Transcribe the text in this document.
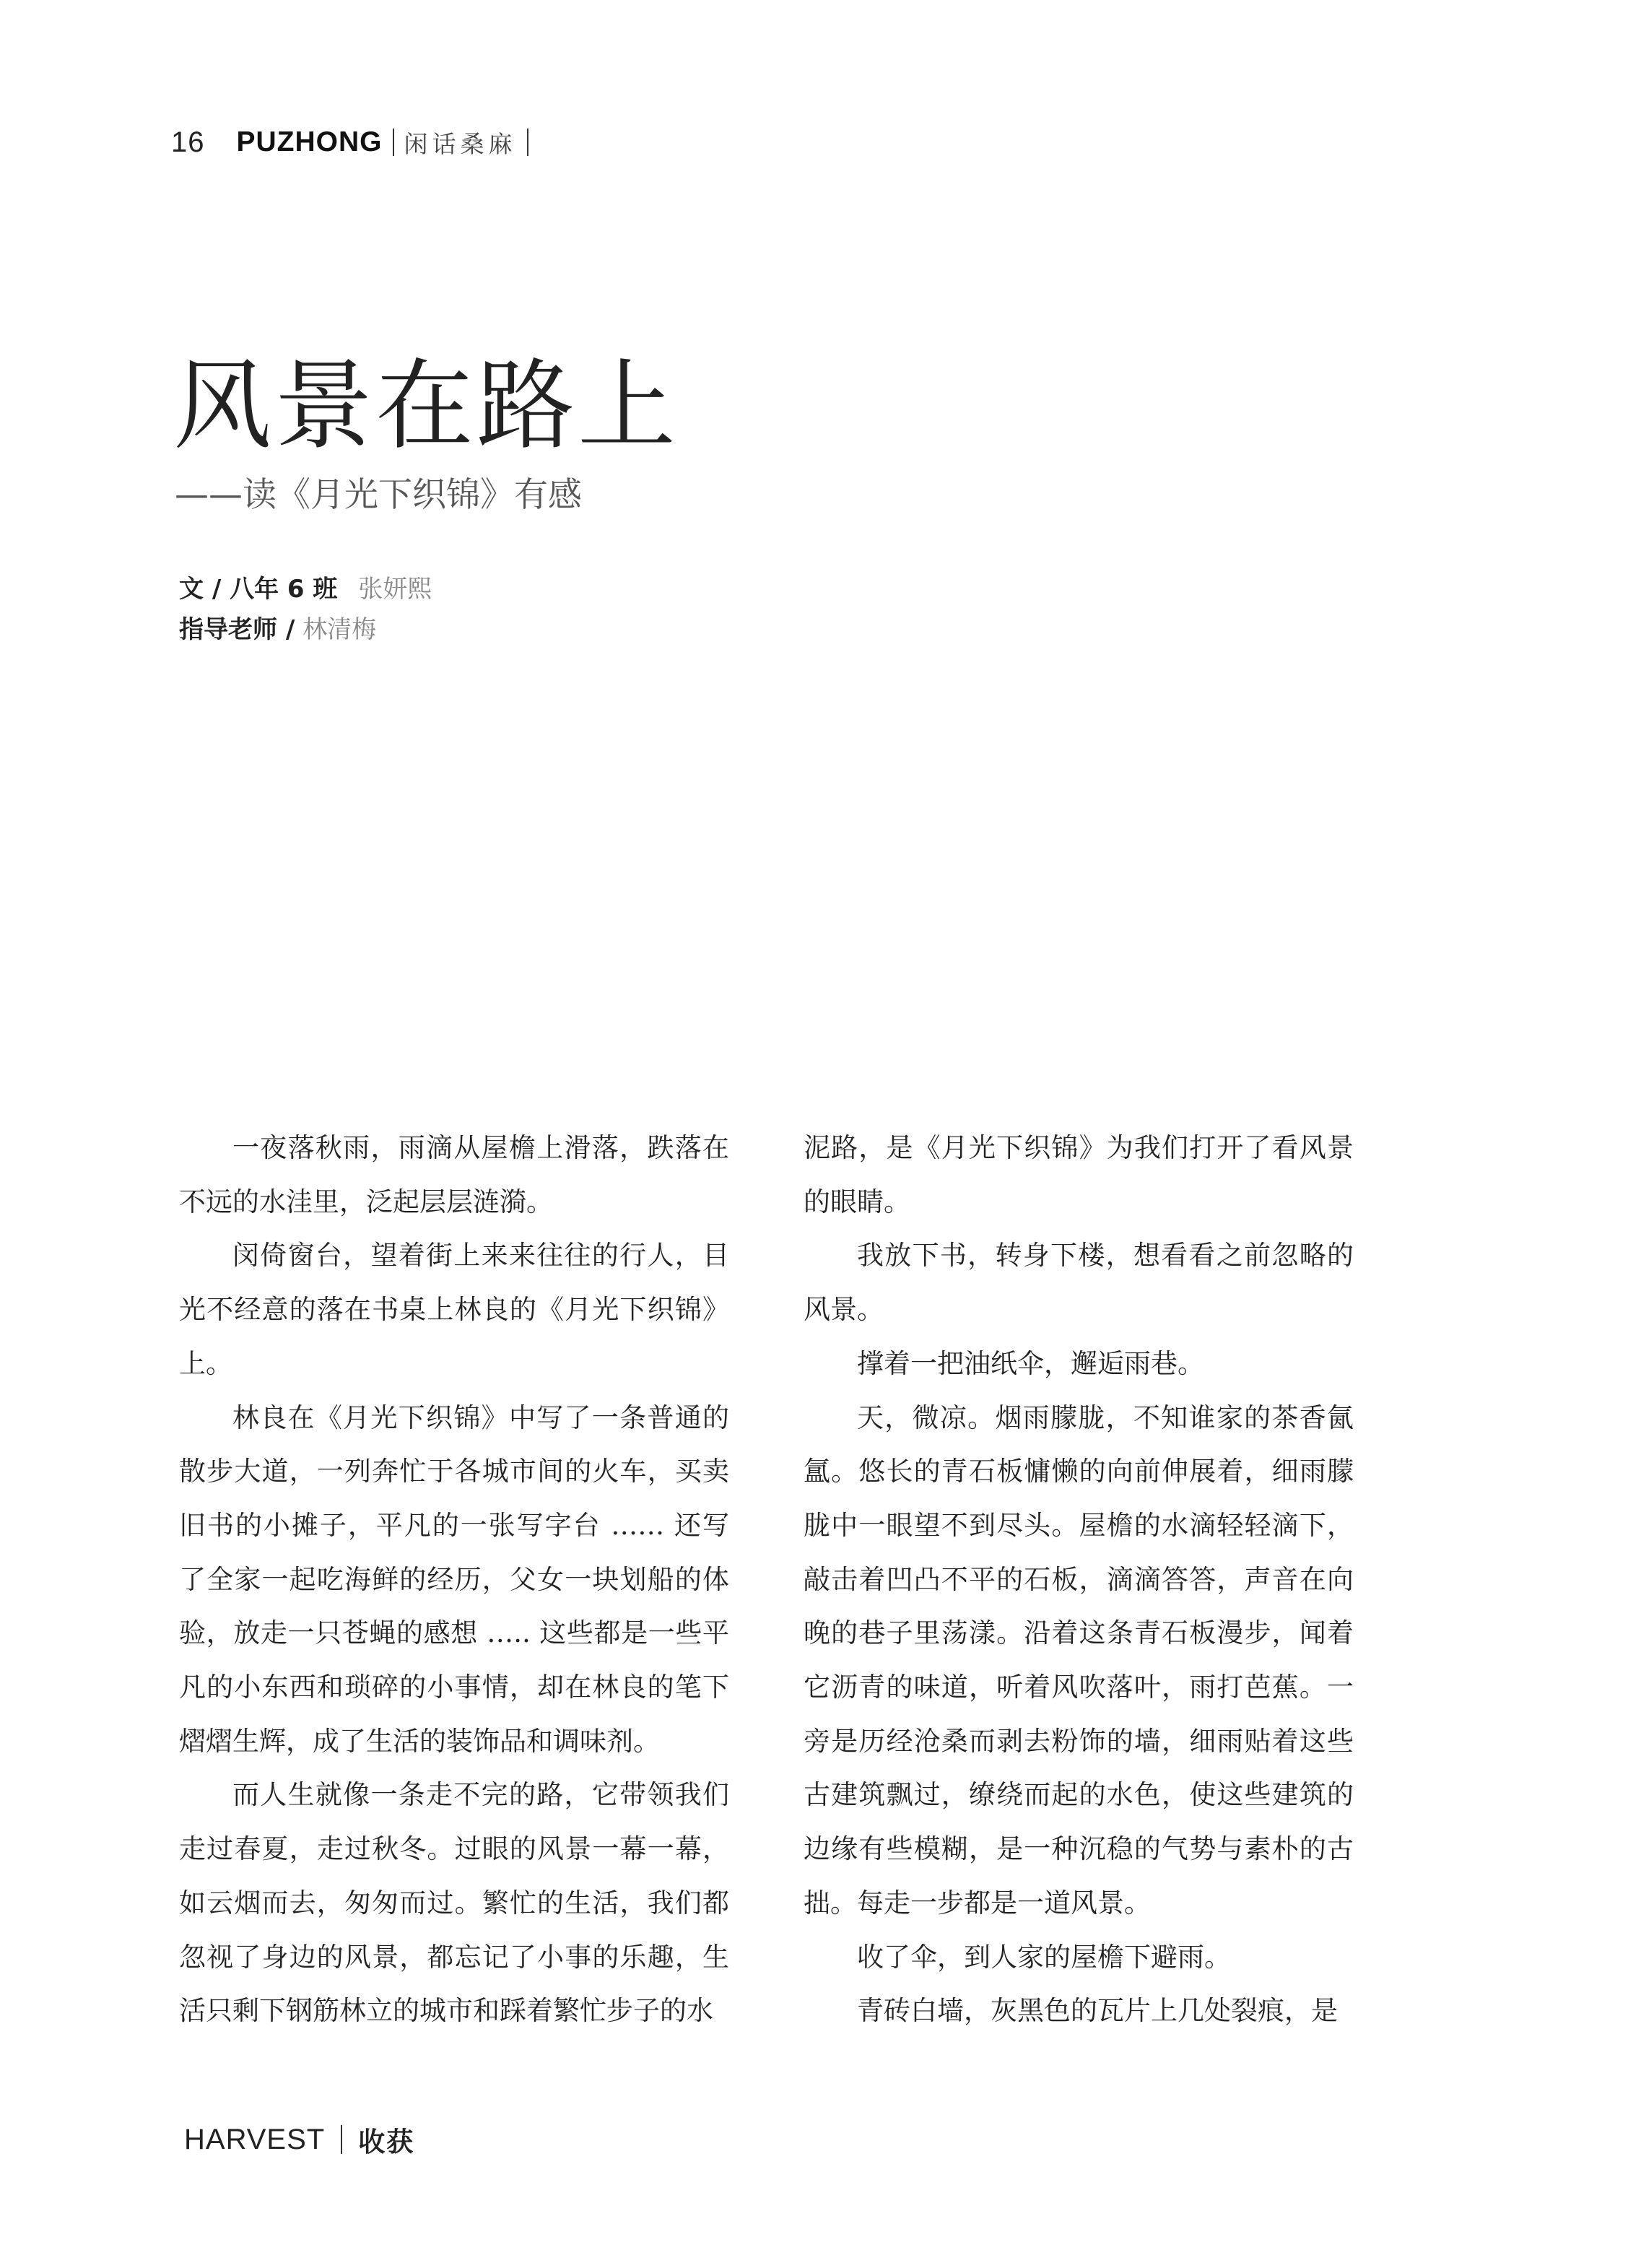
16 PUZHONG 闲话桑麻
风景在路上
——读《月光下织锦》有感
文 / 八年 6 班 张妍熙
指导老师 / 林清梅

一夜落秋雨，雨滴从屋檐上滑落，跌落在不远的水洼里，泛起层层涟漪。

闵倚窗台，望着街上来来往往的行人，目光不经意的落在书桌上林良的《月光下织锦》上。

林良在《月光下织锦》中写了一条普通的散步大道，一列奔忙于各城市间的火车，买卖旧书的小摊子，平凡的一张写字台 …… 还写了全家一起吃海鲜的经历，父女一块划船的体验，放走一只苍蝇的感想 ….. 这些都是一些平凡的小东西和琐碎的小事情，却在林良的笔下熠熠生辉，成了生活的装饰品和调味剂。

而人生就像一条走不完的路，它带领我们走过春夏，走过秋冬。过眼的风景一幕一幕，如云烟而去，匆匆而过。繁忙的生活，我们都忽视了身边的风景，都忘记了小事的乐趣，生活只剩下钢筋林立的城市和踩着繁忙步子的水

泥路，是《月光下织锦》为我们打开了看风景的眼睛。

我放下书，转身下楼，想看看之前忽略的风景。

撑着一把油纸伞，邂逅雨巷。

天，微凉。烟雨朦胧，不知谁家的茶香氤氲。悠长的青石板慵懒的向前伸展着，细雨朦胧中一眼望不到尽头。屋檐的水滴轻轻滴下，敲击着凹凸不平的石板，滴滴答答，声音在向晚的巷子里荡漾。沿着这条青石板漫步，闻着它沥青的味道，听着风吹落叶，雨打芭蕉。一旁是历经沧桑而剥去粉饰的墙，细雨贴着这些古建筑飘过，缭绕而起的水色，使这些建筑的边缘有些模糊，是一种沉稳的气势与素朴的古拙。每走一步都是一道风景。

收了伞，到人家的屋檐下避雨。

青砖白墙，灰黑色的瓦片上几处裂痕，是

HARVEST 收获
